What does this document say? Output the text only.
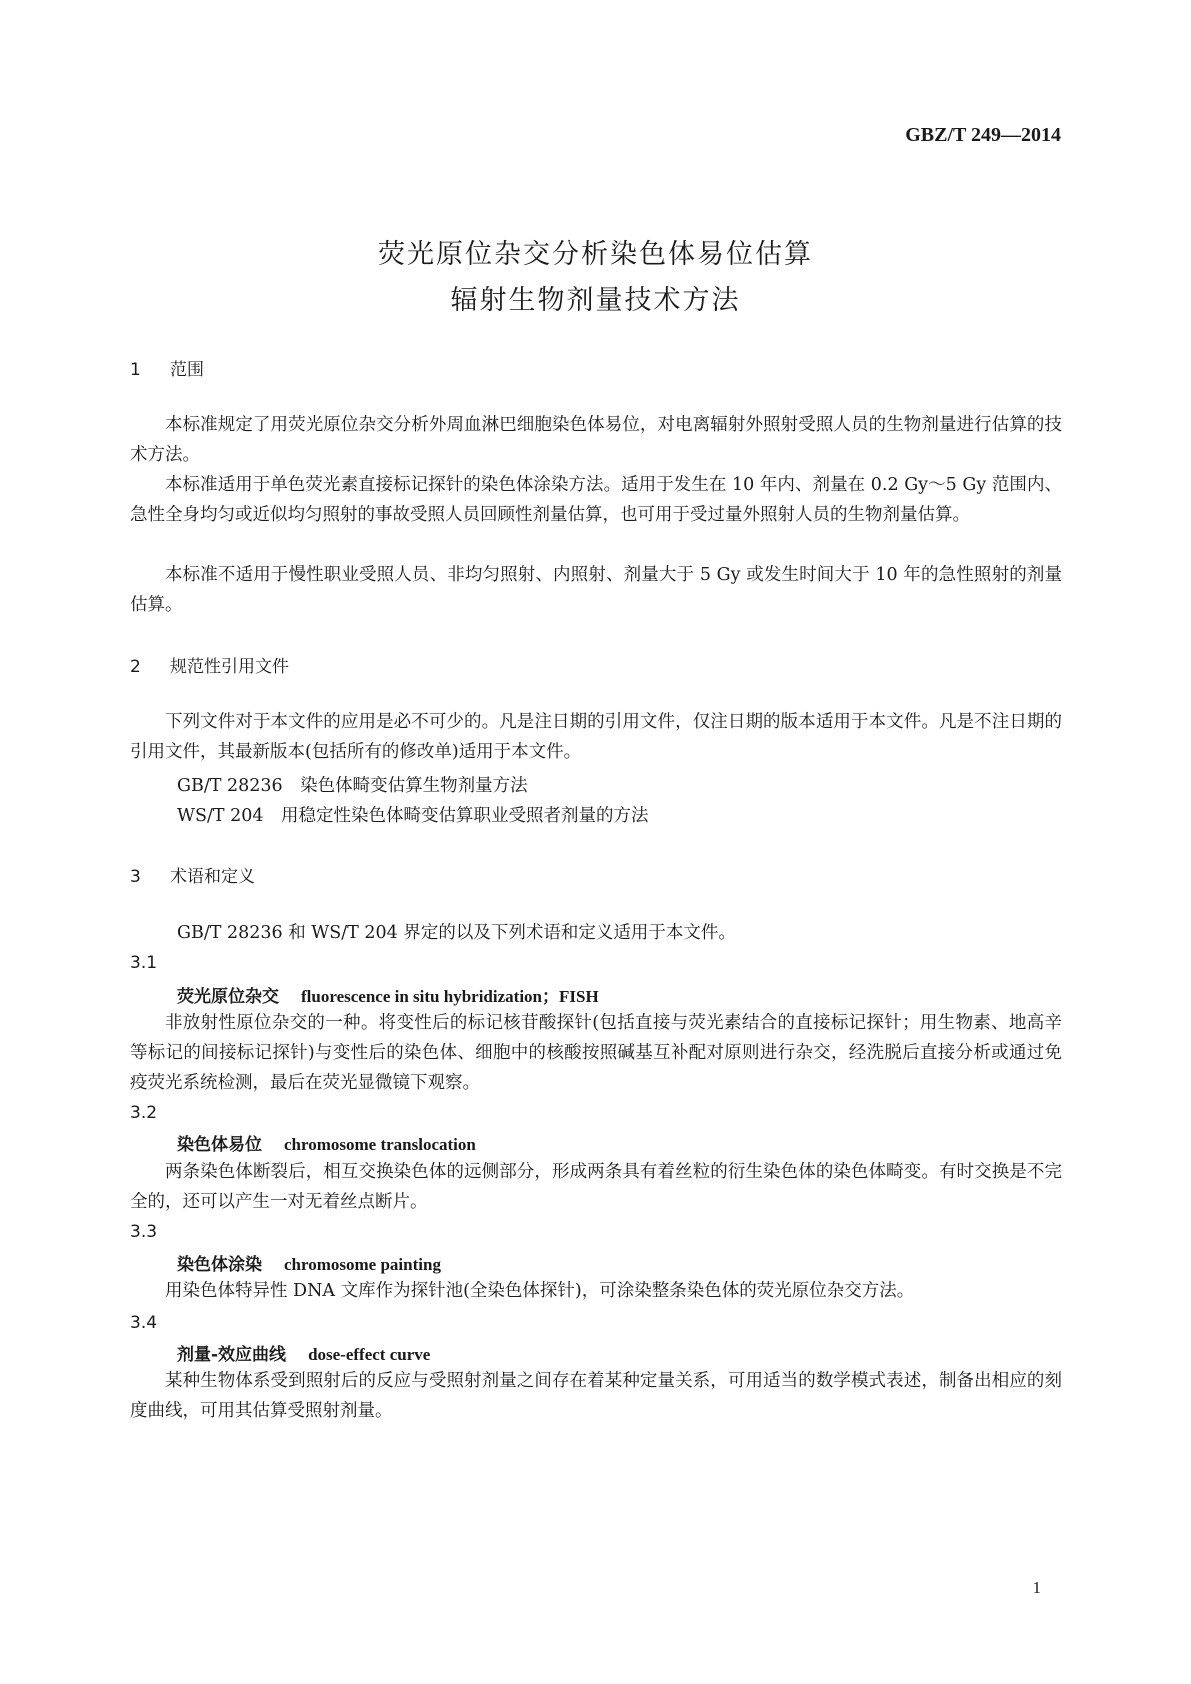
GBZ/T 249—2014
荧光原位杂交分析染色体易位估算
辐射生物剂量技术方法
1 范围
本标准规定了用荧光原位杂交分析外周血淋巴细胞染色体易位，对电离辐射外照射受照人员的生物剂量进行估算的技术方法。
本标准适用于单色荧光素直接标记探针的染色体涂染方法。适用于发生在 10 年内、剂量在 0.2 Gy～5 Gy 范围内、急性全身均匀或近似均匀照射的事故受照人员回顾性剂量估算，也可用于受过量外照射人员的生物剂量估算。
本标准不适用于慢性职业受照人员、非均匀照射、内照射、剂量大于 5 Gy 或发生时间大于 10 年的急性照射的剂量估算。
2 规范性引用文件
下列文件对于本文件的应用是必不可少的。凡是注日期的引用文件，仅注日期的版本适用于本文件。凡是不注日期的引用文件，其最新版本(包括所有的修改单)适用于本文件。
GB/T 28236　染色体畸变估算生物剂量方法
WS/T 204　用稳定性染色体畸变估算职业受照者剂量的方法
3 术语和定义
GB/T 28236 和 WS/T 204 界定的以及下列术语和定义适用于本文件。
3.1
荧光原位杂交 fluorescence in situ hybridization；FISH
非放射性原位杂交的一种。将变性后的标记核苷酸探针(包括直接与荧光素结合的直接标记探针；用生物素、地高辛等标记的间接标记探针)与变性后的染色体、细胞中的核酸按照碱基互补配对原则进行杂交，经洗脱后直接分析或通过免疫荧光系统检测，最后在荧光显微镜下观察。
3.2
染色体易位 chromosome translocation
两条染色体断裂后，相互交换染色体的远侧部分，形成两条具有着丝粒的衍生染色体的染色体畸变。有时交换是不完全的，还可以产生一对无着丝点断片。
3.3
染色体涂染 chromosome painting
用染色体特异性 DNA 文库作为探针池(全染色体探针)，可涂染整条染色体的荧光原位杂交方法。
3.4
剂量-效应曲线 dose-effect curve
某种生物体系受到照射后的反应与受照射剂量之间存在着某种定量关系，可用适当的数学模式表述，制备出相应的刻度曲线，可用其估算受照射剂量。
1
